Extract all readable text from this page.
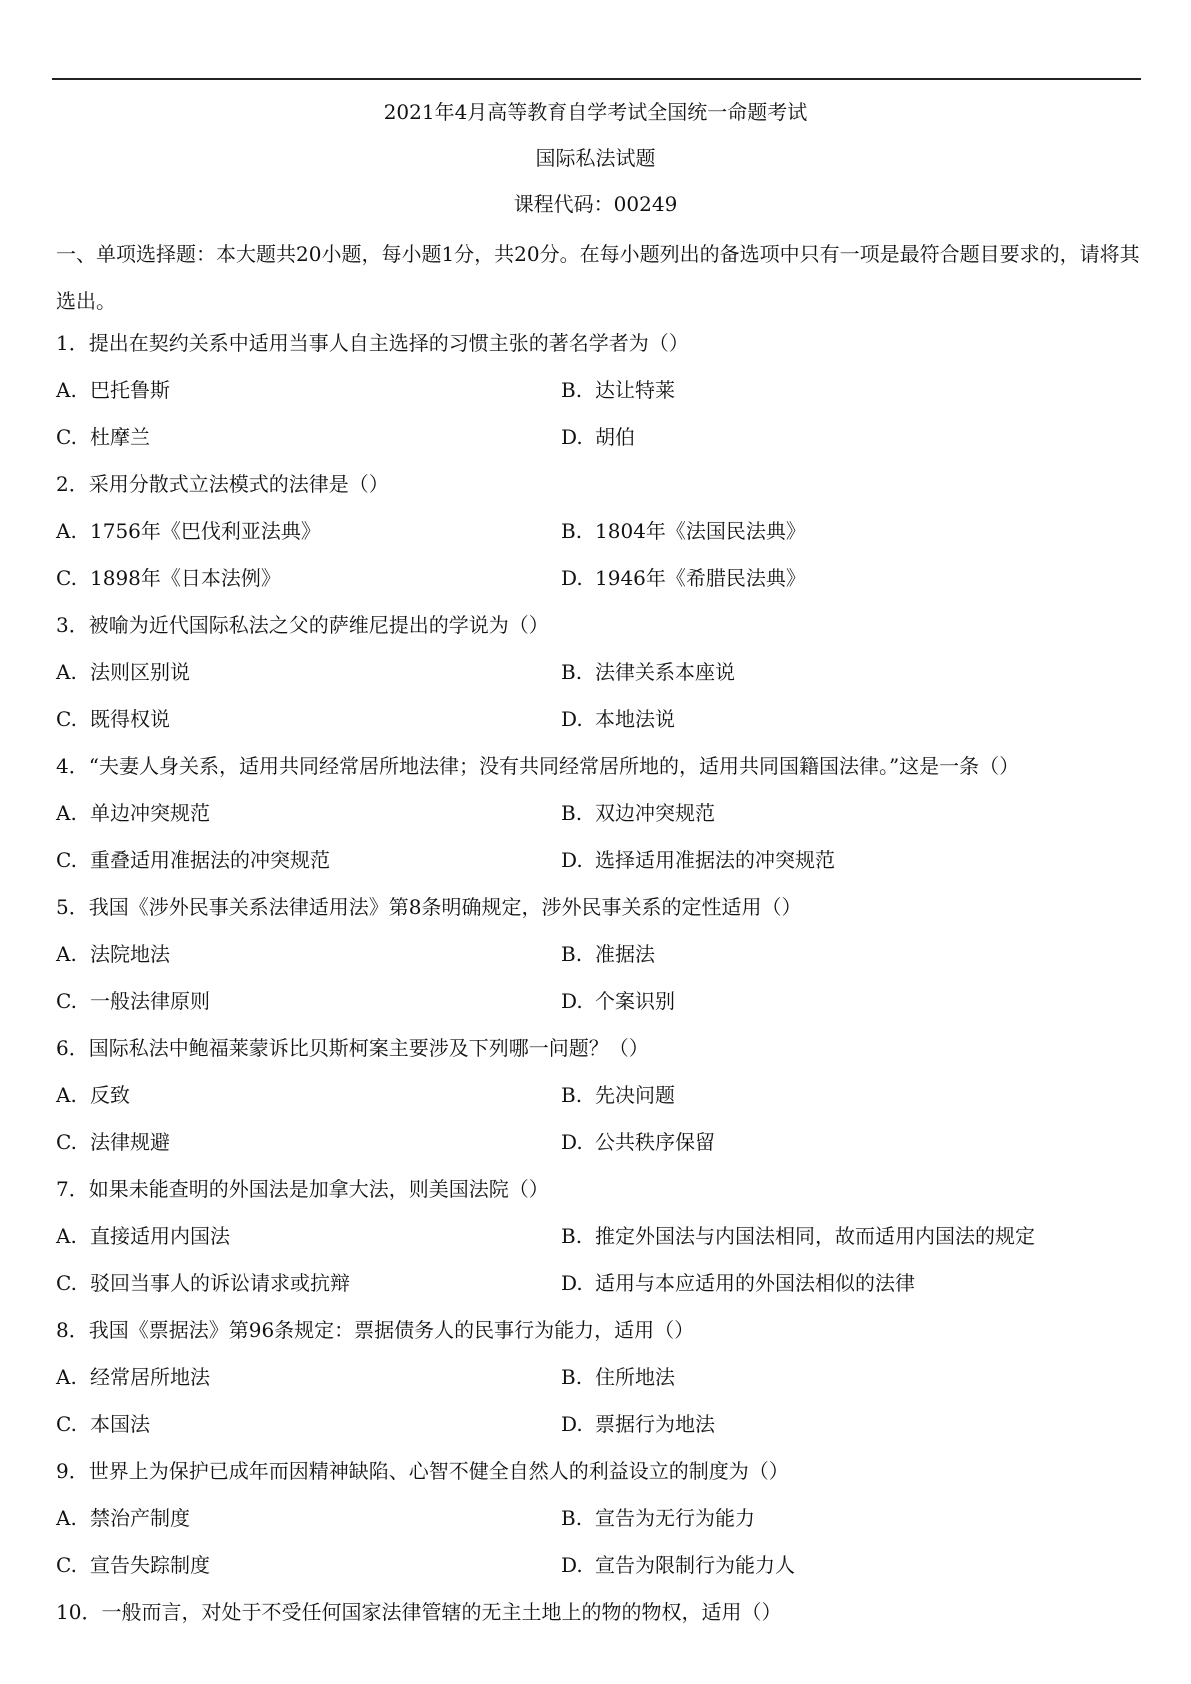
2021年4月高等教育自学考试全国统一命题考试
国际私法试题
课程代码：00249
一、单项选择题：本大题共20小题，每小题1分，共20分。在每小题列出的备选项中只有一项是最符合题目要求的，请将其选出。
1．提出在契约关系中适用当事人自主选择的习惯主张的著名学者为（）
A. 巴托鲁斯	B. 达让特莱
C. 杜摩兰	D. 胡伯
2．采用分散式立法模式的法律是（）
A. 1756年《巴伐利亚法典》	B. 1804年《法国民法典》
C. 1898年《日本法例》	D. 1946年《希腊民法典》
3．被喻为近代国际私法之父的萨维尼提出的学说为（）
A. 法则区别说	B. 法律关系本座说
C. 既得权说	D. 本地法说
4．“夫妻人身关系，适用共同经常居所地法律；没有共同经常居所地的，适用共同国籍国法律。”这是一条（）
A. 单边冲突规范	B. 双边冲突规范
C. 重叠适用准据法的冲突规范	D. 选择适用准据法的冲突规范
5．我国《涉外民事关系法律适用法》第8条明确规定，涉外民事关系的定性适用（）
A. 法院地法	B. 准据法
C. 一般法律原则	D. 个案识别
6．国际私法中鲍福莱蒙诉比贝斯柯案主要涉及下列哪一问题？（）
A. 反致	B. 先决问题
C. 法律规避	D. 公共秩序保留
7．如果未能查明的外国法是加拿大法，则美国法院（）
A. 直接适用内国法	B. 推定外国法与内国法相同，故而适用内国法的规定
C. 驳回当事人的诉讼请求或抗辩	D. 适用与本应适用的外国法相似的法律
8．我国《票据法》第96条规定：票据债务人的民事行为能力，适用（）
A. 经常居所地法	B. 住所地法
C. 本国法	D. 票据行为地法
9．世界上为保护已成年而因精神缺陷、心智不健全自然人的利益设立的制度为（）
A. 禁治产制度	B. 宣告为无行为能力
C. 宣告失踪制度	D. 宣告为限制行为能力人
10．一般而言，对处于不受任何国家法律管辖的无主土地上的物的物权，适用（）
